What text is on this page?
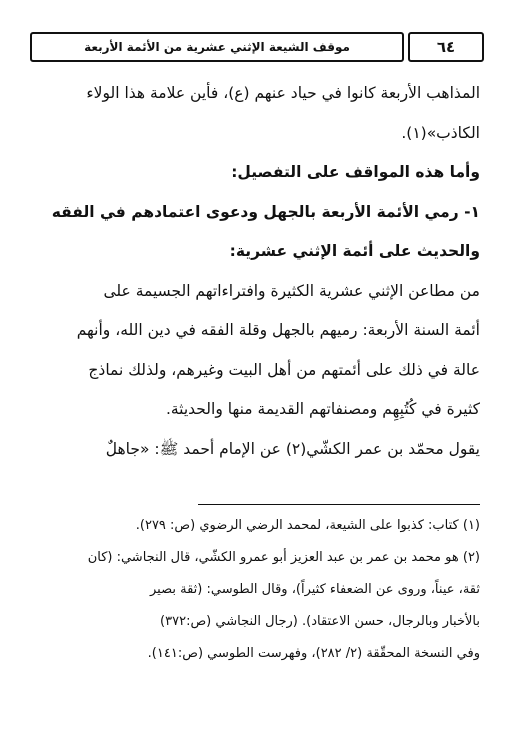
موقف الشيعة الإثني عشرية من الأئمة الأربعة	٦٤
المذاهب الأربعة كانوا في حياد عنهم (ع)، فأين علامة هذا الولاء
الكاذب»(١).
وأما هذه المواقف على التفصيل:
١- رمي الأئمة الأربعة بالجهل ودعوى اعتمادهم في الفقه
والحديث على أئمة الإثني عشرية:
من مطاعن الإثني عشرية الكثيرة وافتراءاتهم الجسيمة على
أئمة السنة الأربعة: رميهم بالجهل وقلة الفقه في دين الله، وأنهم
عالة في ذلك على أئمتهم من أهل البيت وغيرهم، ولذلك نماذج
كثيرة في كُتُبِهِم ومصنفاتهم القديمة منها والحديثة.
يقول محمّد بن عمر الكشّي(٢) عن الإمام أحمد ﷺ: «جاهلٌ
(١) كتاب: كذبوا على الشيعة، لمحمد الرضي الرضوي (ص: ٢٧٩).
(٢) هو محمد بن عمر بن عبد العزيز أبو عمرو الكشّي، قال النجاشي: (كان
ثقة، عيناً، وروى عن الضعفاء كثيراً)، وقال الطوسي: (ثقة بصير
بالأخبار وبالرجال، حسن الاعتقاد). (رجال النجاشي (ص:٣٧٢)
وفي النسخة المحقّقة (٢/ ٢٨٢)، وفهرست الطوسي (ص:١٤١).
